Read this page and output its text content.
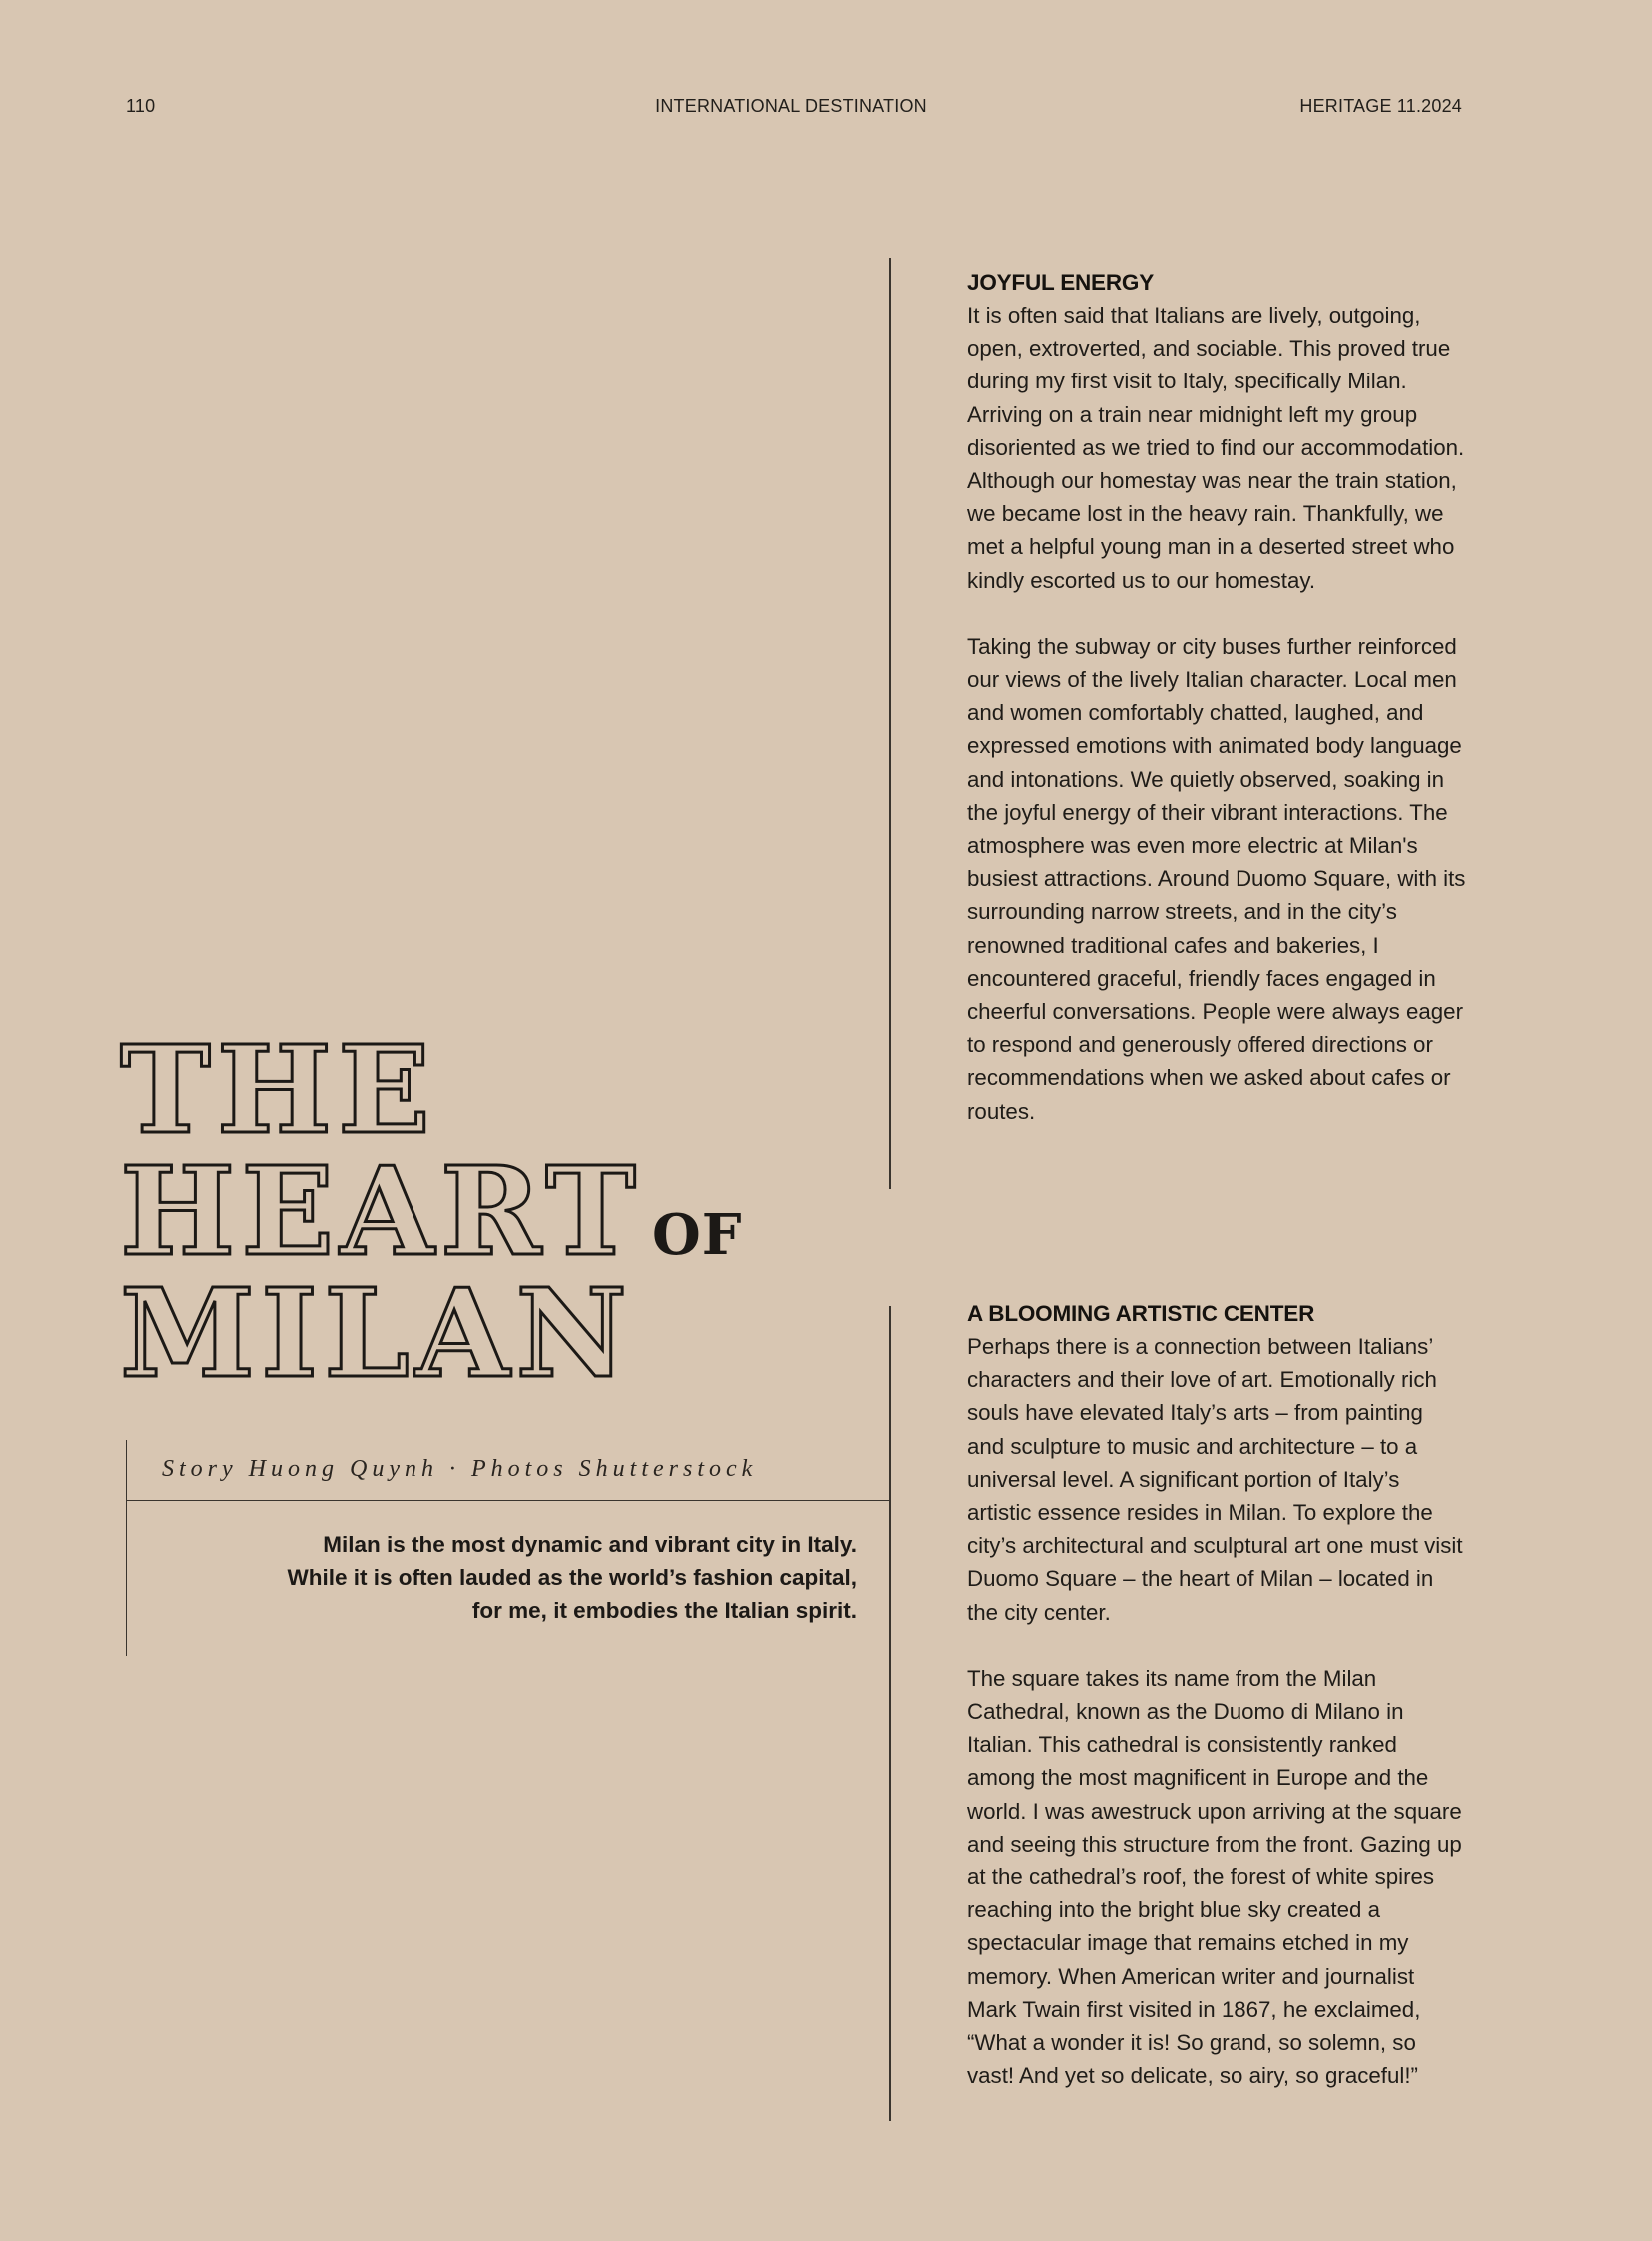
110	INTERNATIONAL DESTINATION	HERITAGE 11.2024
THE
HEART OF
MILAN
Story Huong Quynh · Photos Shutterstock
Milan is the most dynamic and vibrant city in Italy.
While it is often lauded as the world’s fashion capital,
for me, it embodies the Italian spirit.
JOYFUL ENERGY

It is often said that Italians are lively, outgoing, open, extroverted, and sociable. This proved true during my first visit to Italy, specifically Milan. Arriving on a train near midnight left my group disoriented as we tried to find our accommodation. Although our homestay was near the train station, we became lost in the heavy rain. Thankfully, we met a helpful young man in a deserted street who kindly escorted us to our homestay.

Taking the subway or city buses further reinforced our views of the lively Italian character. Local men and women comfortably chatted, laughed, and expressed emotions with animated body language and intonations. We quietly observed, soaking in the joyful energy of their vibrant interactions. The atmosphere was even more electric at Milan's busiest attractions. Around Duomo Square, with its surrounding narrow streets, and in the city’s renowned traditional cafes and bakeries, I encountered graceful, friendly faces engaged in cheerful conversations. People were always eager to respond and generously offered directions or recommendations when we asked about cafes or routes.

A BLOOMING ARTISTIC CENTER

Perhaps there is a connection between Italians’ characters and their love of art. Emotionally rich souls have elevated Italy’s arts – from painting and sculpture to music and architecture – to a universal level. A significant portion of Italy’s artistic essence resides in Milan. To explore the city’s architectural and sculptural art one must visit Duomo Square – the heart of Milan – located in the city center.

The square takes its name from the Milan Cathedral, known as the Duomo di Milano in Italian. This cathedral is consistently ranked among the most magnificent in Europe and the world. I was awestruck upon arriving at the square and seeing this structure from the front. Gazing up at the cathedral’s roof, the forest of white spires reaching into the bright blue sky created a spectacular image that remains etched in my memory. When American writer and journalist Mark Twain first visited in 1867, he exclaimed, “What a wonder it is! So grand, so solemn, so vast! And yet so delicate, so airy, so graceful!”
